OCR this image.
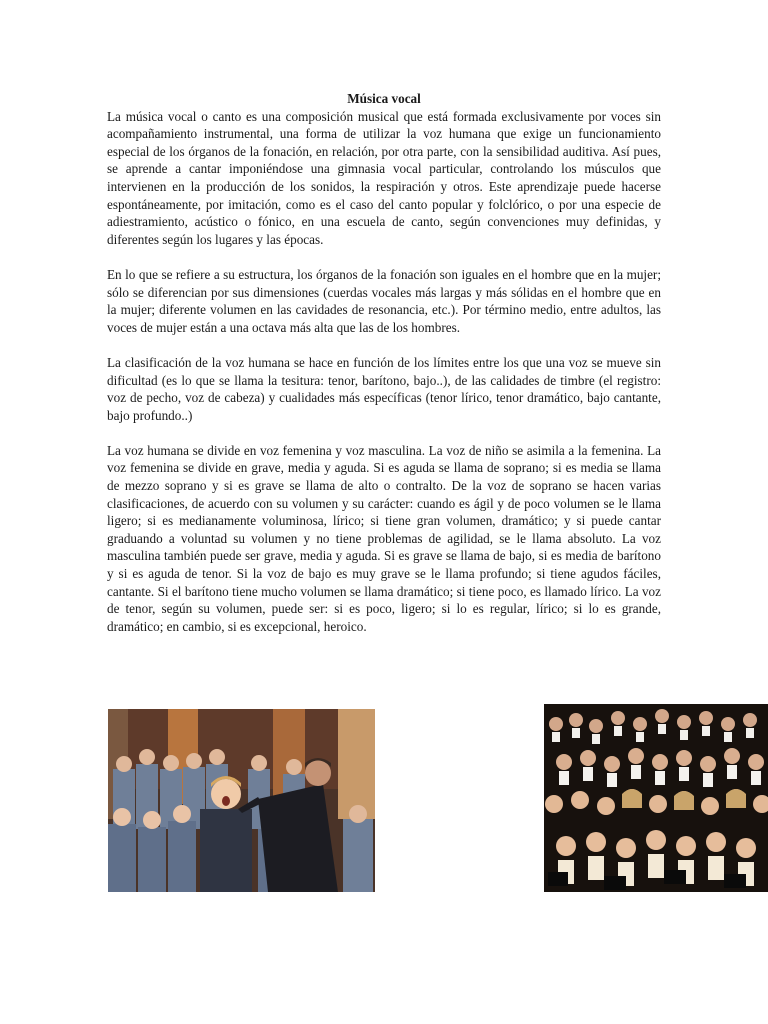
Música vocal

La música vocal o canto es una composición musical que está formada exclusivamente por voces sin acompañamiento instrumental, una forma de utilizar la voz humana que exige un funcionamiento especial de los órganos de la fonación, en relación, por otra parte, con la sensibilidad auditiva. Así pues, se aprende a cantar imponiéndose una gimnasia vocal particular, controlando los músculos que intervienen en la producción de los sonidos, la respiración y otros. Este aprendizaje puede hacerse espontáneamente, por imitación, como es el caso del canto popular y folclórico, o por una especie de adiestramiento, acústico o fónico, en una escuela de canto, según convenciones muy definidas, y diferentes según los lugares y las épocas.

En lo que se refiere a su estructura, los órganos de la fonación son iguales en el hombre que en la mujer; sólo se diferencian por sus dimensiones (cuerdas vocales más largas y más sólidas en el hombre que en la mujer; diferente volumen en las cavidades de resonancia, etc.). Por término medio, entre adultos, las voces de mujer están a una octava más alta que las de los hombres.

La clasificación de la voz humana se hace en función de los límites entre los que una voz se mueve sin dificultad (es lo que se llama la tesitura: tenor, barítono, bajo..), de las calidades de timbre (el registro: voz de pecho, voz de cabeza) y cualidades más específicas (tenor lírico, tenor dramático, bajo cantante, bajo profundo..)

La voz humana se divide en voz femenina y voz masculina. La voz de niño se asimila a la femenina. La voz femenina se divide en grave, media y aguda. Si es aguda se llama de soprano; si es media se llama de mezzo soprano y si es grave se llama de alto o contralto. De la voz de soprano se hacen varias clasificaciones, de acuerdo con su volumen y su carácter: cuando es ágil y de poco volumen se le llama ligero; si es medianamente voluminosa, lírico; si tiene gran volumen, dramático; y si puede cantar graduando a voluntad su volumen y no tiene problemas de agilidad, se le llama absoluto. La voz masculina también puede ser grave, media y aguda. Si es grave se llama de bajo, si es media de barítono y si es aguda de tenor. Si la voz de bajo es muy grave se le llama profundo; si tiene agudos fáciles, cantante. Si el barítono tiene mucho volumen se llama dramático; si tiene poco, es llamado lírico. La voz de tenor, según su volumen, puede ser: si es poco, ligero; si lo es regular, lírico; si lo es grande, dramático; en cambio, si es excepcional, heroico.
